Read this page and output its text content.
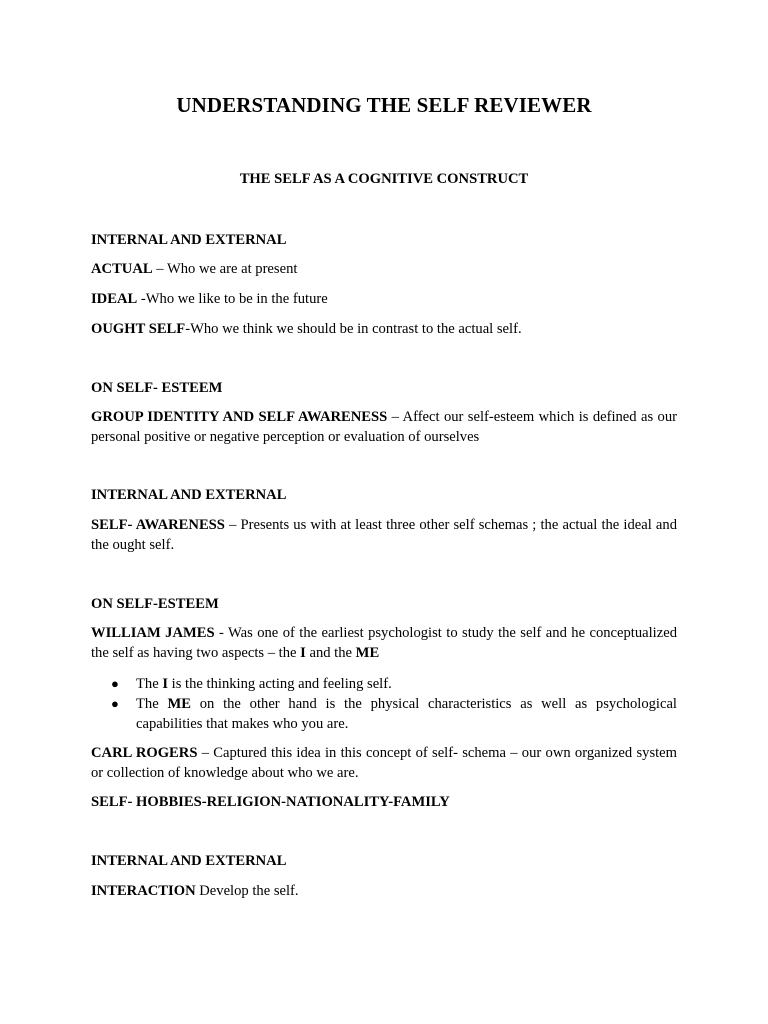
UNDERSTANDING THE SELF REVIEWER
THE SELF AS A COGNITIVE CONSTRUCT
INTERNAL AND EXTERNAL
ACTUAL – Who we are at present
IDEAL -Who we like to be in the future
OUGHT SELF-Who we think we should be in contrast to the actual self.
ON SELF- ESTEEM
GROUP IDENTITY AND SELF AWARENESS – Affect our self-esteem which is defined as our personal positive or negative perception or evaluation of ourselves
INTERNAL AND EXTERNAL
SELF- AWARENESS – Presents us with at least three other self schemas ; the actual the ideal and the ought self.
ON SELF-ESTEEM
WILLIAM JAMES - Was one of the earliest psychologist to study the self and he conceptualized the self as having two aspects – the I and the ME
● The I is the thinking acting and feeling self.
● The ME on the other hand is the physical characteristics as well as psychological capabilities that makes who you are.
CARL ROGERS – Captured this idea in this concept of self- schema – our own organized system or collection of knowledge about who we are.
SELF- HOBBIES-RELIGION-NATIONALITY-FAMILY
INTERNAL AND EXTERNAL
INTERACTION Develop the self.
